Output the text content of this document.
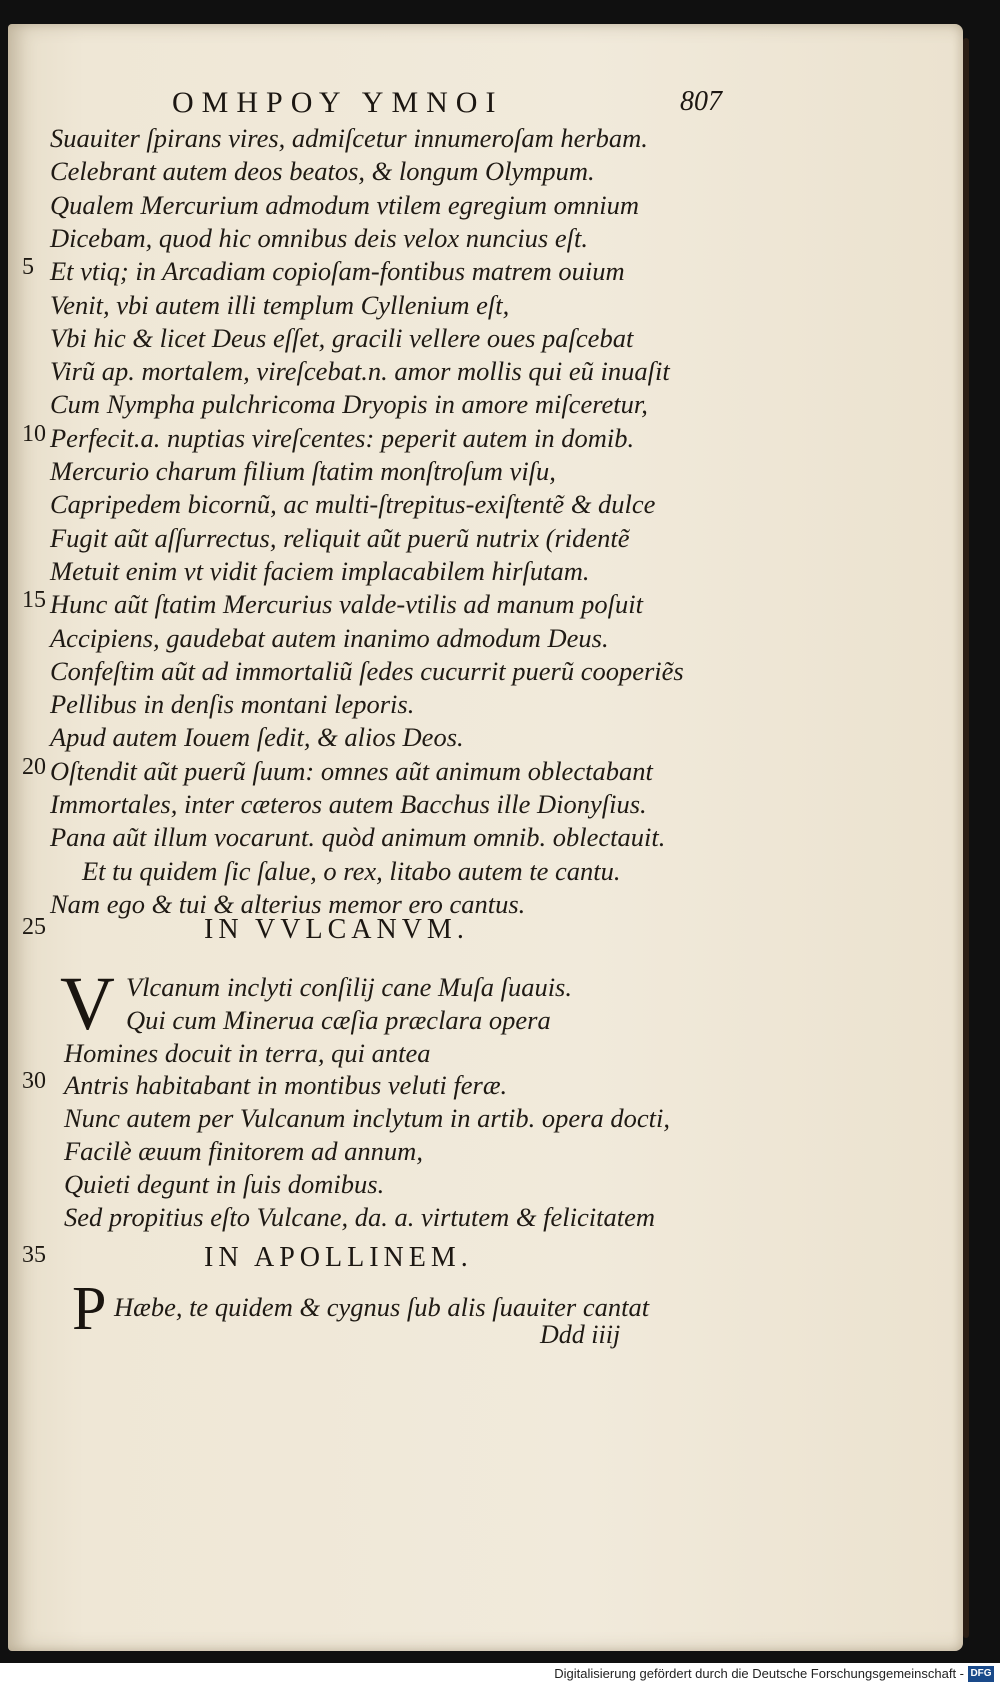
ΟΜΗΡΟΥ ΥΜΝΟΙ	807
Suauiter ſpirans vires, admiſcetur innumeroſam herbam.
Celebrant autem deos beatos, & longum Olympum.
Qualem Mercurium admodum vtilem egregium omnium
Dicebam, quod hic omnibus deis velox nuncius eſt.
Et vtiq; in Arcadiam copioſam-fontibus matrem ouium
5
Venit, vbi autem illi templum Cyllenium eſt,
Vbi hic & licet Deus eſſet, gracili vellere oues paſcebat
Virũ ap. mortalem, vireſcebat.n. amor mollis qui eũ inuaſit
Cum Nympha pulchricoma Dryopis in amore miſceretur,
Perfecit.a. nuptias vireſcentes: peperit autem in domib.
10
Mercurio charum filium ſtatim monſtroſum viſu,
Capripedem bicornũ, ac multi-ſtrepitus-exiſtentẽ & dulce
Fugit aũt aſſurrectus, reliquit aũt puerũ nutrix (ridentẽ
Metuit enim vt vidit faciem implacabilem hirſutam.
Hunc aũt ſtatim Mercurius valde-vtilis ad manum poſuit
15
Accipiens, gaudebat autem inanimo admodum Deus.
Confeſtim aũt ad immortaliũ ſedes cucurrit puerũ cooperiẽs
Pellibus in denſis montani leporis.
Apud autem Iouem ſedit, & alios Deos.
Oſtendit aũt puerũ ſuum: omnes aũt animum oblectabant
20
Immortales, inter cæteros autem Bacchus ille Dionyſius.
Pana aũt illum vocarunt. quòd animum omnib. oblectauit.
Et tu quidem ſic ſalue, o rex, litabo autem te cantu.
Nam ego & tui & alterius memor ero cantus.
25	IN VVLCANVM.
V Vlcanum inclyti conſilij cane Muſa ſuauis.
Qui cum Minerua cæſia præclara opera
Homines docuit in terra, qui antea
Antris habitabant in montibus veluti feræ.
30
Nunc autem per Vulcanum inclytum in artib. opera docti,
Facilè æuum finitorem ad annum,
Quieti degunt in ſuis domibus.
Sed propitius eſto Vulcane, da. a. virtutem & felicitatem
35	IN APOLLINEM.
P Hæbe, te quidem & cygnus ſub alis ſuauiter cantat
Ddd iiij
Digitalisierung gefördert durch die Deutsche Forschungsgemeinschaft - DFG
